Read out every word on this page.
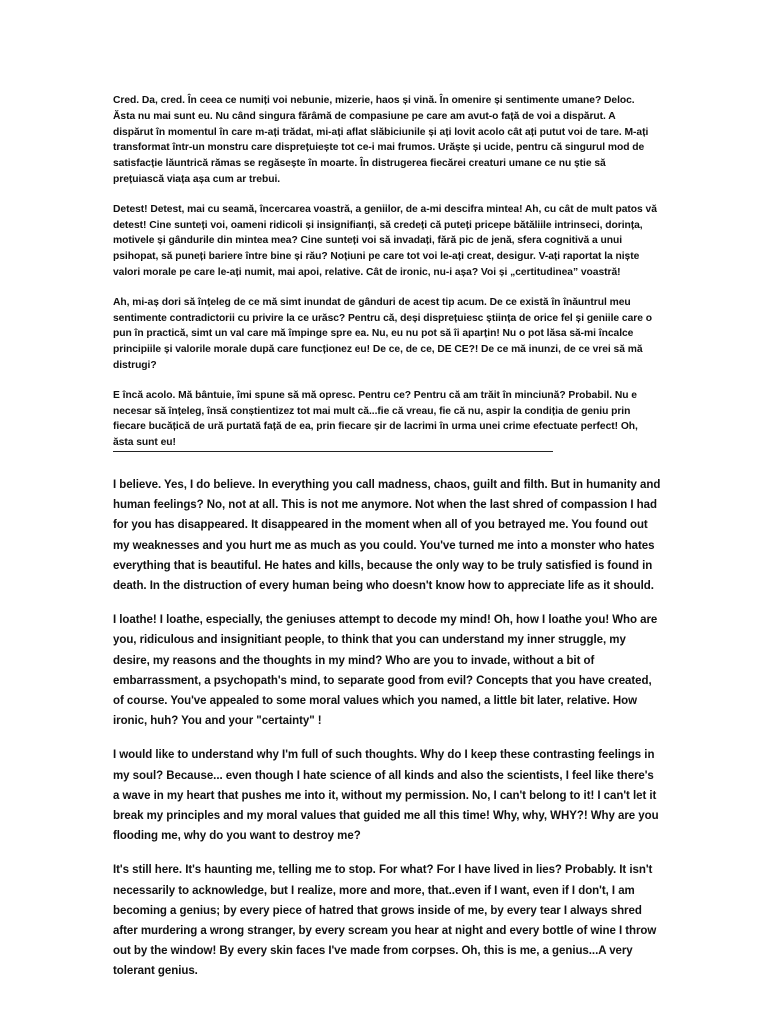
Cred. Da, cred. În ceea ce numiți voi nebunie, mizerie, haos și vină. În omenire și sentimente umane? Deloc. Ăsta nu mai sunt eu. Nu când singura fărâmă de compasiune pe care am avut-o față de voi a dispărut. A dispărut în momentul în care m-ați trădat, mi-ați aflat slăbiciunile și ați lovit acolo cât ați putut voi de tare. M-ați transformat într-un monstru care disprețuiește tot ce-i mai frumos. Urăște și ucide, pentru că singurul mod de satisfacție lăuntrică rămas se regăsește în moarte. În distrugerea fiecărei creaturi umane ce nu știe să prețuiască viața așa cum ar trebui.

Detest! Detest, mai cu seamă, încercarea voastră, a geniilor, de a-mi descifra mintea! Ah, cu cât de mult patos vă detest! Cine sunteți voi, oameni ridicoli și insignifianți, să credeți că puteți pricepe bătăliile intrinseci, dorința, motivele și gândurile din mintea mea? Cine sunteți voi să invadați, fără pic de jenă, sfera cognitivă a unui psihopat, să puneți bariere între bine și rău? Noțiuni pe care tot voi le-ați creat, desigur. V-ați raportat la niște valori morale pe care le-ați numit, mai apoi, relative. Cât de ironic, nu-i așa? Voi și „certitudinea” voastră!

Ah, mi-aș dori să înțeleg de ce mă simt inundat de gânduri de acest tip acum. De ce există în înăuntrul meu sentimente contradictorii cu privire la ce urăsc? Pentru că, deși disprețuiesc știința de orice fel și geniile care o pun în practică, simt un val care mă împinge spre ea. Nu, eu nu pot să îi aparțin! Nu o pot lăsa să-mi încalce principiile și valorile morale după care funcționez eu! De ce, de ce, DE CE?! De ce mă inunzi, de ce vrei să mă distrugi?

E încă acolo. Mă bântuie, îmi spune să mă opresc. Pentru ce? Pentru că am trăit în minciună? Probabil. Nu e necesar să înțeleg, însă conștientizez tot mai mult că...fie că vreau, fie că nu, aspir la condiția de geniu prin fiecare bucățică de ură purtată față de ea, prin fiecare șir de lacrimi în urma unei crime efectuate perfect! Oh, ăsta sunt eu!

I believe. Yes, I do believe. In everything you call madness, chaos, guilt and filth. But in humanity and human feelings? No, not at all. This is not me anymore. Not when the last shred of compassion I had for you has disappeared. It disappeared in the moment when all of you betrayed me. You found out my weaknesses and you hurt me as much as you could. You've turned me into a monster who hates everything that is beautiful. He hates and kills, because the only way to be truly satisfied is found in death. In the distruction of every human being who doesn't know how to appreciate life as it should.

I loathe! I loathe, especially, the geniuses attempt to decode my mind! Oh, how I loathe you! Who are you, ridiculous and insignitiant people, to think that you can understand my inner struggle, my desire, my reasons and the thoughts in my mind? Who are you to invade, without a bit of embarrassment, a psychopath's mind, to separate good from evil? Concepts that you have created, of course. You've appealed to some moral values which you named, a little bit later, relative. How ironic, huh? You and your "certainty" !

I would like to understand why I'm full of such thoughts. Why do I keep these contrasting feelings in my soul? Because... even though I hate science of all kinds and also the scientists, I feel like there's a wave in my heart that pushes me into it, without my permission. No, I can't belong to it! I can't let it break my principles and my moral values that guided me all this time! Why, why, WHY?! Why are you flooding me, why do you want to destroy me?

It's still here. It's haunting me, telling me to stop. For what? For I have lived in lies? Probably. It isn't necessarily to acknowledge, but I realize, more and more, that..even if I want, even if I don't, I am becoming a genius; by every piece of hatred that grows inside of me, by every tear I always shred after murdering a wrong stranger, by every scream you hear at night and every bottle of wine I throw out by the window! By every skin faces I've made from corpses. Oh, this is me, a genius...A very tolerant genius.
